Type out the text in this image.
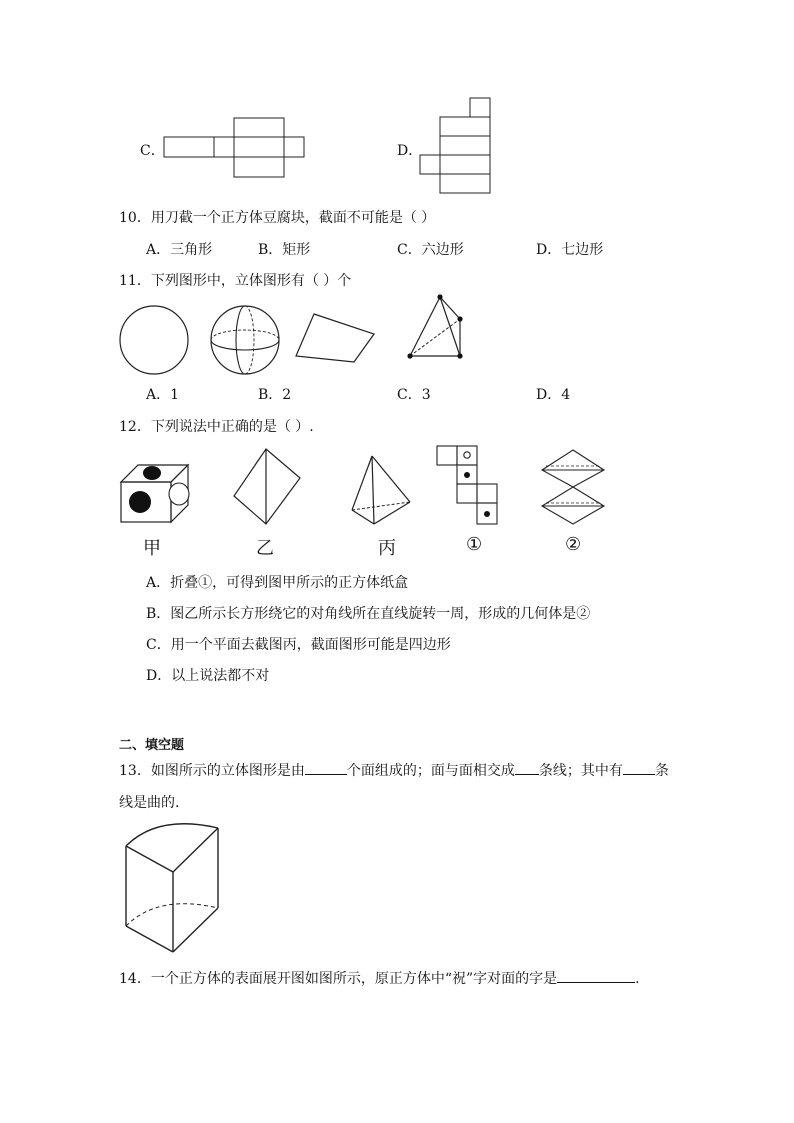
C．	D．
10．用刀截一个正方体豆腐块，截面不可能是（ ）
A．三角形	B．矩形	C．六边形	D．七边形
11．下列图形中，立体图形有（ ）个
A．1	B．2	C．3	D．4
12．下列说法中正确的是（ ）.
甲	乙	丙	①	②
A．折叠①，可得到图甲所示的正方体纸盒
B．图乙所示长方形绕它的对角线所在直线旋转一周，形成的几何体是②
C．用一个平面去截图丙，截面图形可能是四边形
D．以上说法都不对
二、填空题
13．如图所示的立体图形是由	个面组成的；面与面相交成 条线；其中有 条
线是曲的.
14．一个正方体的表面展开图如图所示，原正方体中“祝”字对面的字是	.
